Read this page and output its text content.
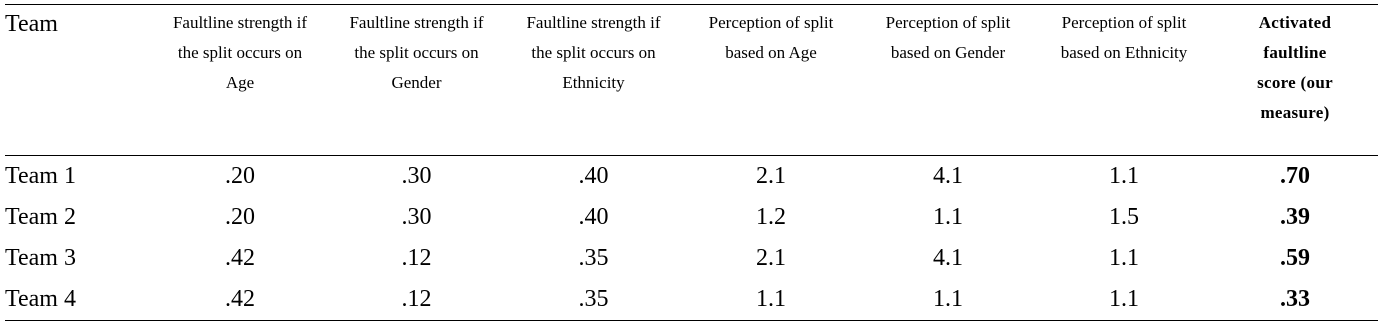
Team	Faultline strength if the split occurs on Age	Faultline strength if the split occurs on Gender	Faultline strength if the split occurs on Ethnicity	Perception of split based on Age	Perception of split based on Gender	Perception of split based on Ethnicity	Activated faultline score (our measure)

Team 1	.20	.30	.40	2.1	4.1	1.1	.70
Team 2	.20	.30	.40	1.2	1.1	1.5	.39
Team 3	.42	.12	.35	2.1	4.1	1.1	.59
Team 4	.42	.12	.35	1.1	1.1	1.1	.33
